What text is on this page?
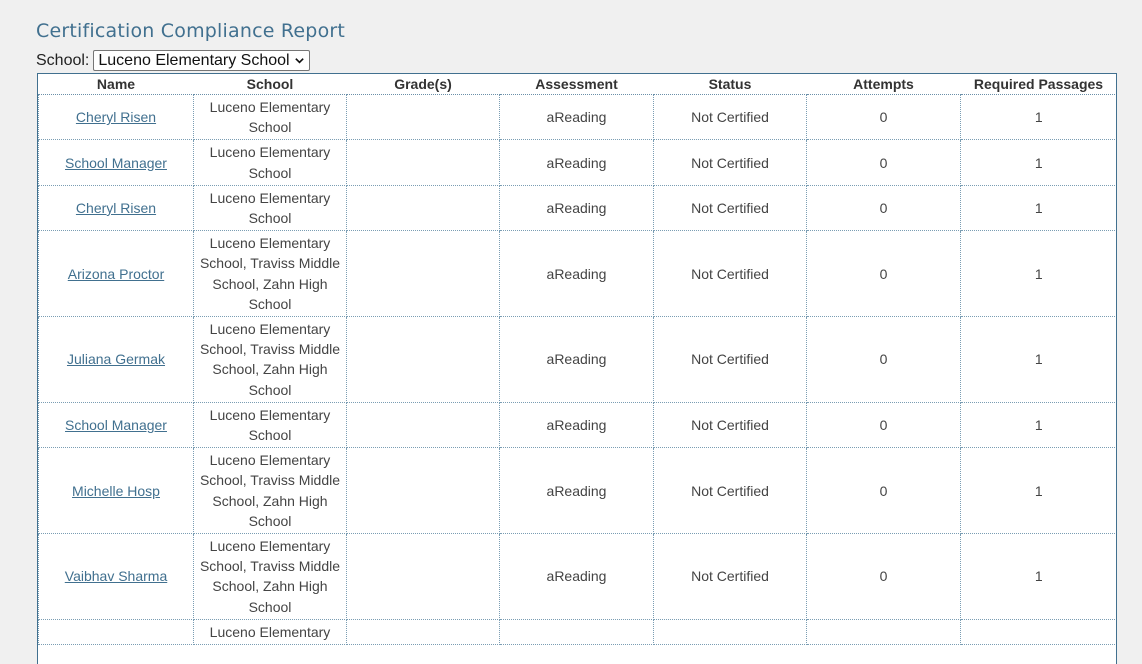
Certification Compliance Report
School: Luceno Elementary School
Name	School	Grade(s)	Assessment	Status	Attempts	Required Passages
Cheryl Risen	Luceno Elementary School		aReading	Not Certified	0	1
School Manager	Luceno Elementary School		aReading	Not Certified	0	1
Cheryl Risen	Luceno Elementary School		aReading	Not Certified	0	1
Arizona Proctor	Luceno Elementary School, Traviss Middle School, Zahn High School		aReading	Not Certified	0	1
Juliana Germak	Luceno Elementary School, Traviss Middle School, Zahn High School		aReading	Not Certified	0	1
School Manager	Luceno Elementary School		aReading	Not Certified	0	1
Michelle Hosp	Luceno Elementary School, Traviss Middle School, Zahn High School		aReading	Not Certified	0	1
Vaibhav Sharma	Luceno Elementary School, Traviss Middle School, Zahn High School		aReading	Not Certified	0	1
	Luceno Elementary					
